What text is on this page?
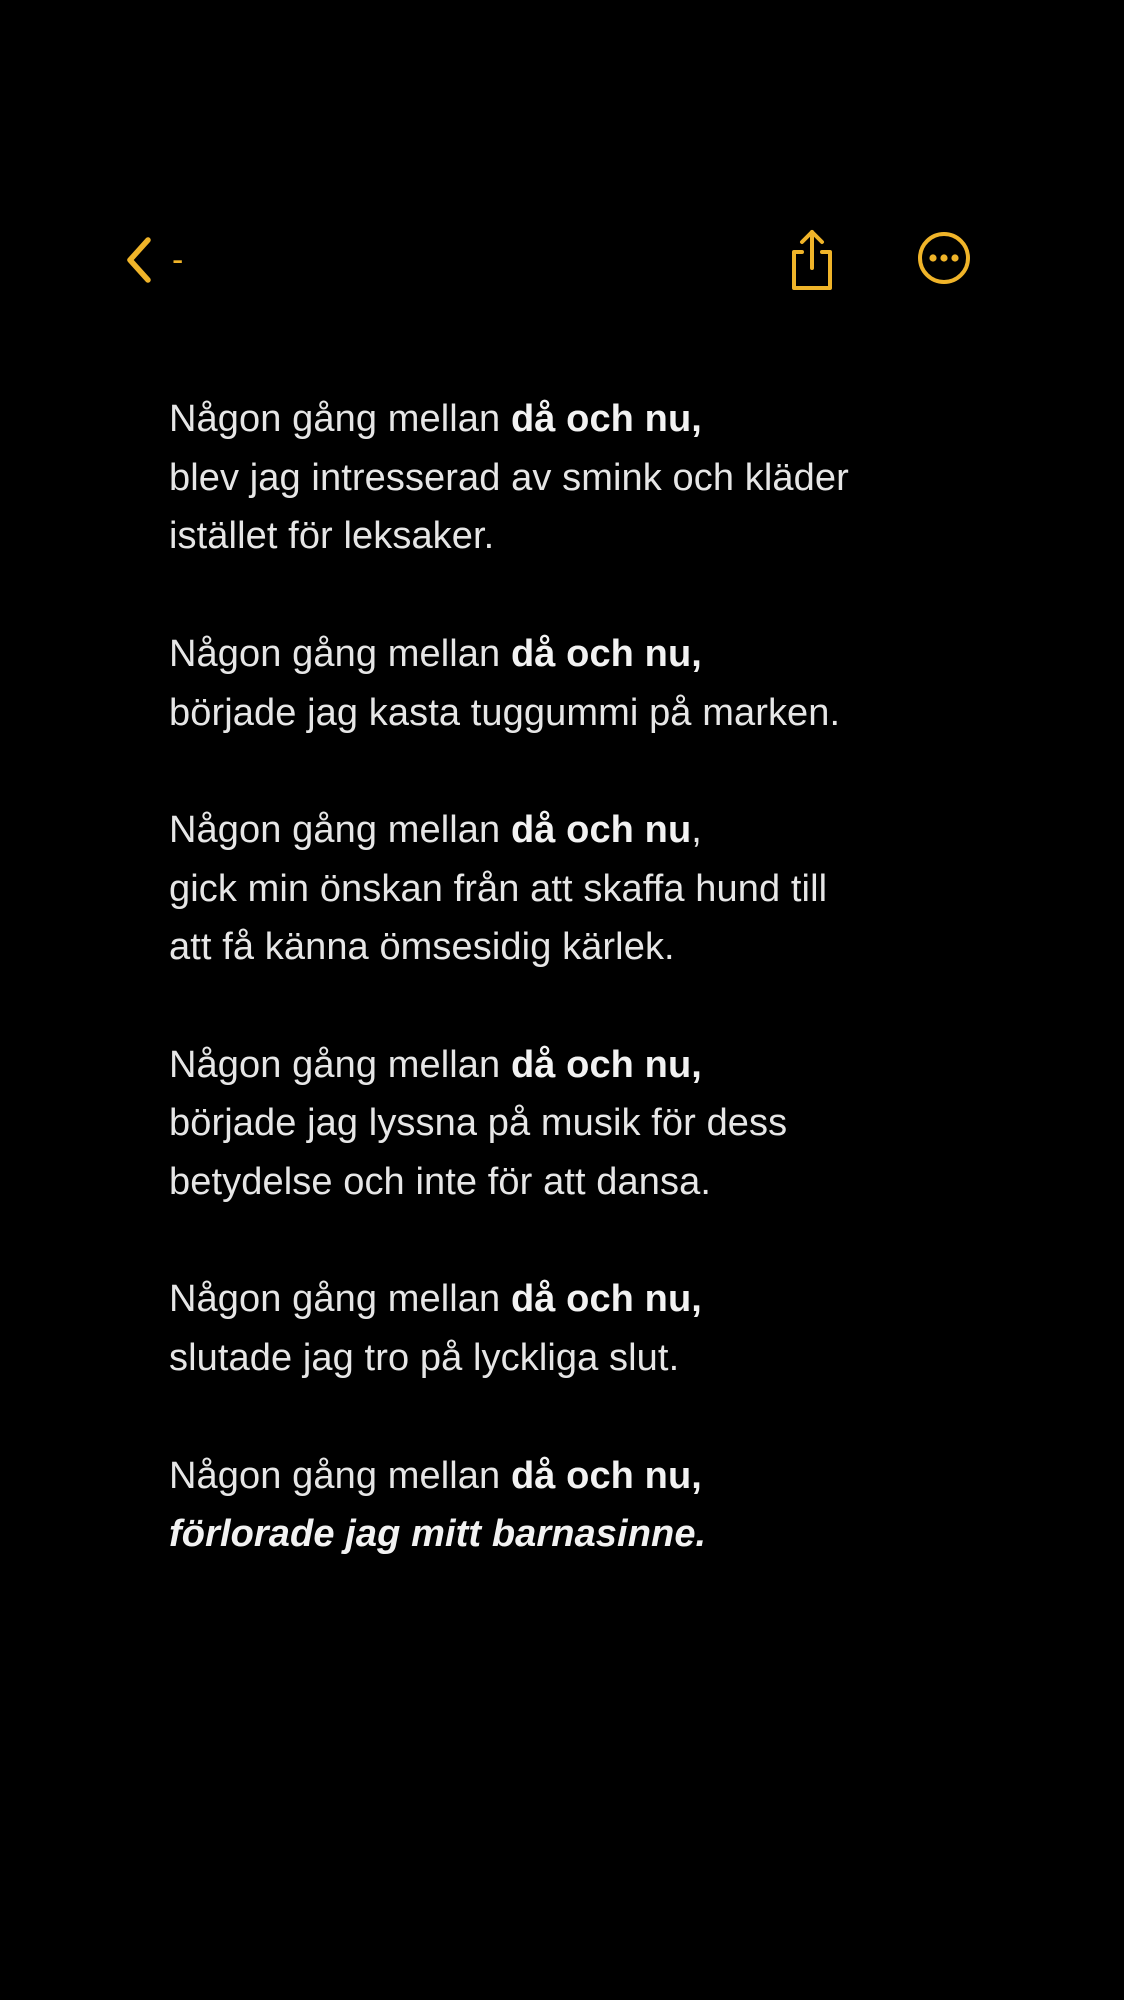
-
Någon gång mellan då och nu,
blev jag intresserad av smink och kläder
istället för leksaker.
Någon gång mellan då och nu,
började jag kasta tuggummi på marken.
Någon gång mellan då och nu,
gick min önskan från att skaffa hund till
att få känna ömsesidig kärlek.
Någon gång mellan då och nu,
började jag lyssna på musik för dess
betydelse och inte för att dansa.
Någon gång mellan då och nu,
slutade jag tro på lyckliga slut.
Någon gång mellan då och nu,
förlorade jag mitt barnasinne.
